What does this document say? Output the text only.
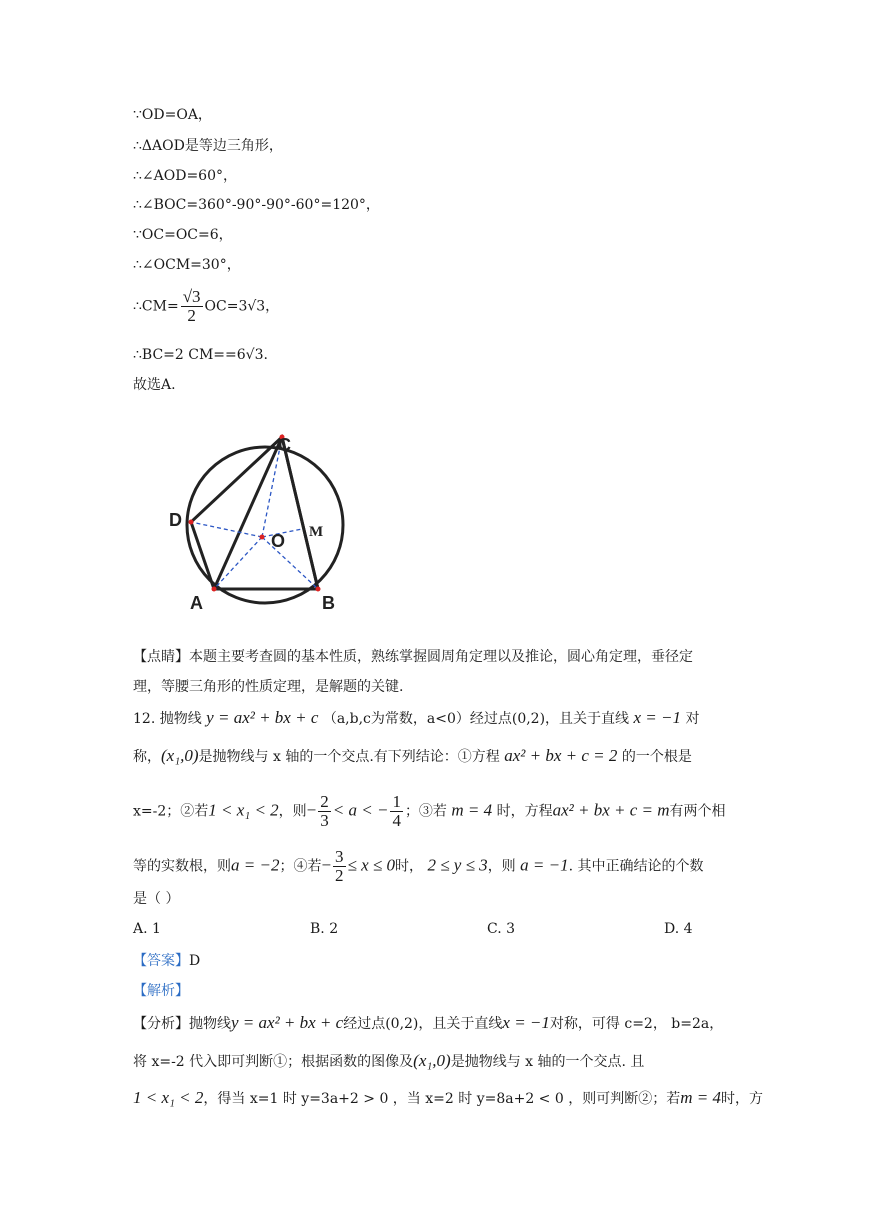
∵OD=OA，
∴ΔAOD是等边三角形，
∴∠AOD=60°，
∴∠BOC=360°-90°-90°-60°=120°，
∵OC=OC=6，
∴∠OCM=30°，
∴CM= $\frac{√3}{2} OC=3√3$，
∴BC=2 CM==6√3.
故选A.
C
D
O M
A	B
【点睛】本题主要考查圆的基本性质，熟练掌握圆周角定理以及推论，圆心角定理，垂径定
理，等腰三角形的性质定理，是解题的关键.
12. 抛物线 y = ax² + bx + c （a,b,c为常数，a<0）经过点(0,2)，且关于直线 x = −1 对
称，(x₁,0)是抛物线与 x 轴的一个交点.有下列结论：①方程 ax² + bx + c = 2 的一个根是
x=-2；②若1 < x₁ < 2，则− $\frac{2}{3} < a$ < − $\frac{1}{4}$ ；③若 m = 4 时，方程ax² + bx + c = m有两个相
等的实数根，则a = −2；④若− $\frac{3}{2} \le x \le 0$时， 2 ≤ y ≤ 3，则 a = −1. 其中正确结论的个数
是（ ）
A. 1	B. 2	C. 3	D. 4
【答案】D
【解析】
【分析】抛物线y = ax² + bx + c经过点(0,2)，且关于直线x = −1对称，可得 c=2， b=2a，
将 x=-2 代入即可判断①；根据函数的图像及(x₁,0)是抛物线与 x 轴的一个交点. 且
1 < x₁ < 2，得当 x=1 时 y=3a+2 > 0 ，当 x=2 时 y=8a+2 < 0 ，则可判断②；若m = 4时，方
